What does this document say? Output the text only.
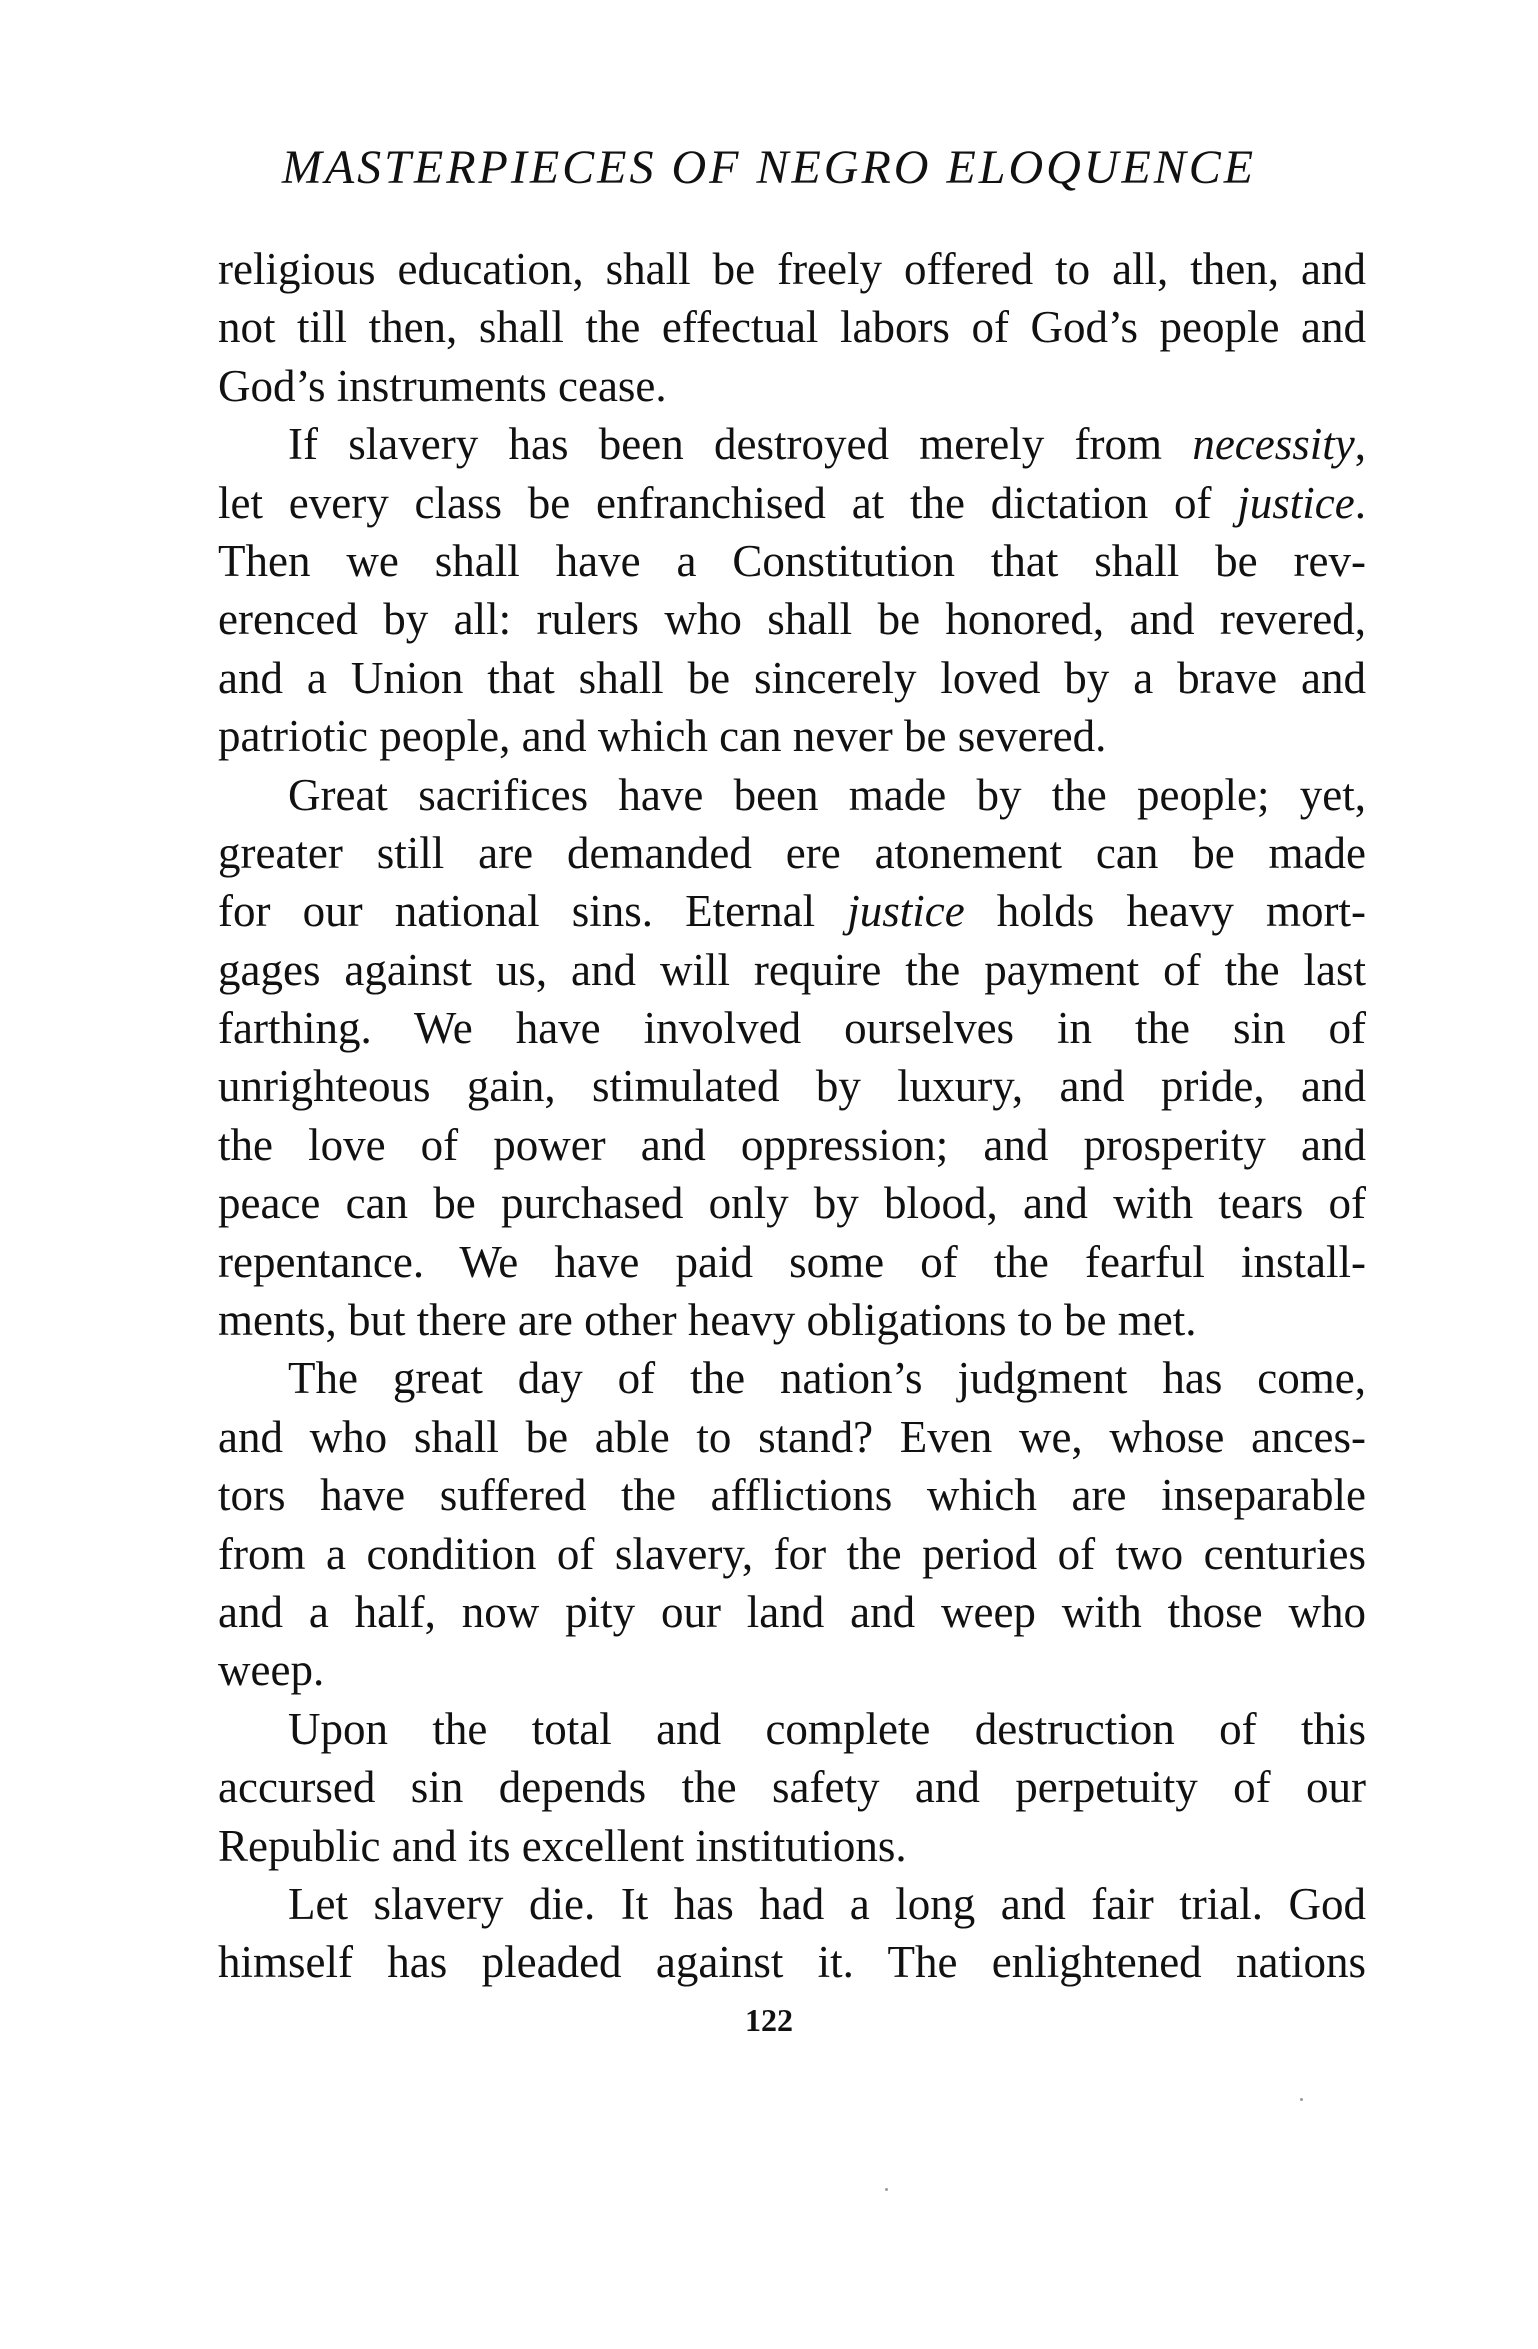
MASTERPIECES OF NEGRO ELOQUENCE
religious education, shall be freely offered to all, then, and
not till then, shall the effectual labors of God’s people and
God’s instruments cease.
If slavery has been destroyed merely from necessity,
let every class be enfranchised at the dictation of justice.
Then we shall have a Constitution that shall be rev-
erenced by all: rulers who shall be honored, and revered,
and a Union that shall be sincerely loved by a brave and
patriotic people, and which can never be severed.
Great sacrifices have been made by the people; yet,
greater still are demanded ere atonement can be made
for our national sins. Eternal justice holds heavy mort-
gages against us, and will require the payment of the last
farthing. We have involved ourselves in the sin of
unrighteous gain, stimulated by luxury, and pride, and
the love of power and oppression; and prosperity and
peace can be purchased only by blood, and with tears of
repentance. We have paid some of the fearful install-
ments, but there are other heavy obligations to be met.
The great day of the nation’s judgment has come,
and who shall be able to stand? Even we, whose ances-
tors have suffered the afflictions which are inseparable
from a condition of slavery, for the period of two centuries
and a half, now pity our land and weep with those who
weep.
Upon the total and complete destruction of this
accursed sin depends the safety and perpetuity of our
Republic and its excellent institutions.
Let slavery die. It has had a long and fair trial. God
himself has pleaded against it. The enlightened nations
122
